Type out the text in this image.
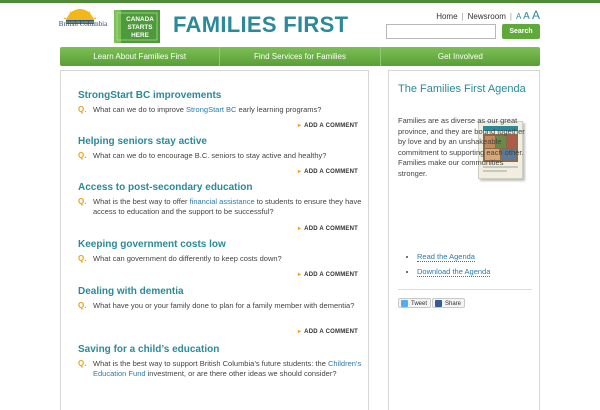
British Columbia
CANADA
STARTS
HERE FAMILIES FIRST	Home | Newsroom | A A A
Search
Learn About Families First	Find Services for Families	Get Involved
StrongStart BC improvements
Q. What can we do to improve StrongStart BC early learning programs?
▸ ADD A COMMENT
Helping seniors stay active
Q. What can we do to encourage B.C. seniors to stay active and healthy?
▸ ADD A COMMENT
Access to post-secondary education
Q. What is the best way to offer financial assistance to students to ensure they have access to education and the support to be successful?
▸ ADD A COMMENT
Keeping government costs low
Q. What can government do differently to keep costs down?
▸ ADD A COMMENT
Dealing with dementia
Q. What have you or your family done to plan for a family member with dementia?
▸ ADD A COMMENT
Saving for a child’s education
Q. What is the best way to support British Columbia’s future students: the Children’s Education Fund investment, or are there other ideas we should consider?
The Families First Agenda
Families are as diverse as our great province, and they are bound together by love and by an unshakeable commitment to supporting each other. Families make our communities stronger.
• Read the Agenda
• Download the Agenda
Tweet	Share
